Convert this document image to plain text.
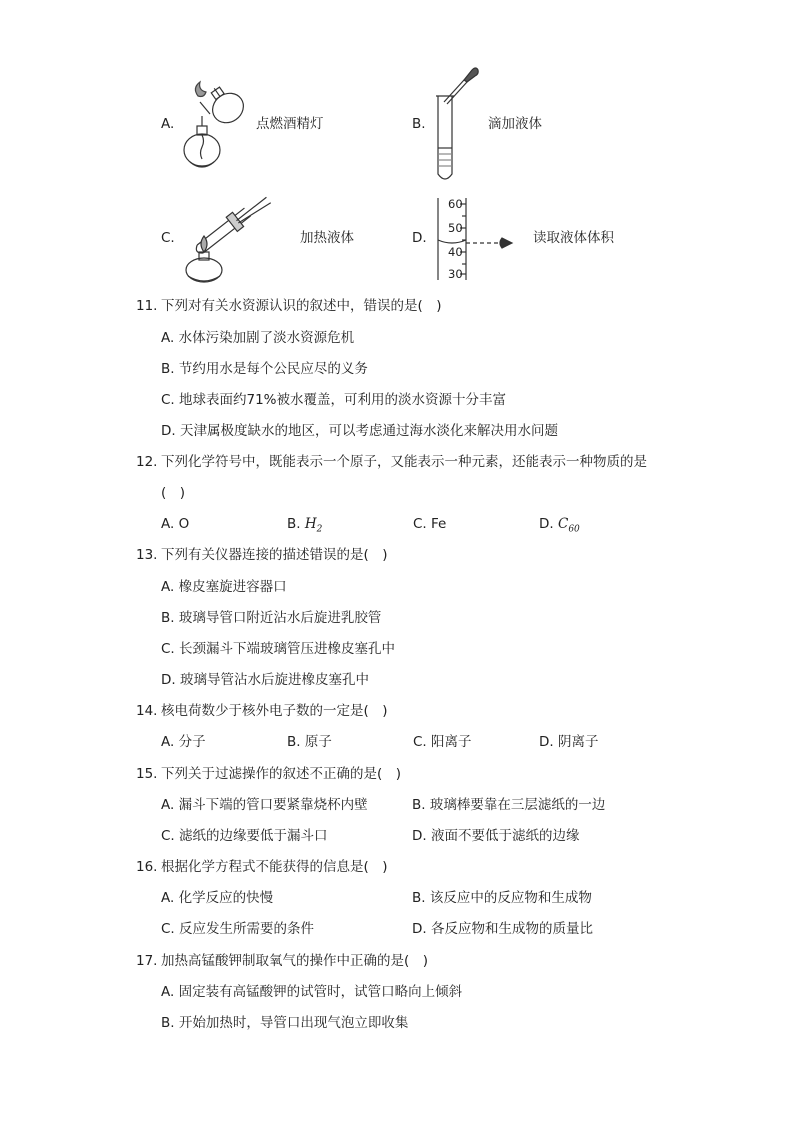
A.	点燃酒精灯	B.	滴加液体
C.	加热液体	D.
60
50
40
30
读取液体体积
11. 下列对有关水资源认识的叙述中，错误的是(　)
A. 水体污染加剧了淡水资源危机
B. 节约用水是每个公民应尽的义务
C. 地球表面约71%被水覆盖，可利用的淡水资源十分丰富
D. 天津属极度缺水的地区，可以考虑通过海水淡化来解决用水问题
12. 下列化学符号中，既能表示一个原子，又能表示一种元素，还能表示一种物质的是
(　)
A. O	B. $H_2$	C. Fe	D. $C_{60}$
13. 下列有关仪器连接的描述错误的是(　)
A. 橡皮塞旋进容器口
B. 玻璃导管口附近沾水后旋进乳胶管
C. 长颈漏斗下端玻璃管压进橡皮塞孔中
D. 玻璃导管沾水后旋进橡皮塞孔中
14. 核电荷数少于核外电子数的一定是(　)
A. 分子	B. 原子	C. 阳离子	D. 阴离子
15. 下列关于过滤操作的叙述不正确的是(　)
A. 漏斗下端的管口要紧靠烧杯内壁	B. 玻璃棒要靠在三层滤纸的一边
C. 滤纸的边缘要低于漏斗口	D. 液面不要低于滤纸的边缘
16. 根据化学方程式不能获得的信息是(　)
A. 化学反应的快慢	B. 该反应中的反应物和生成物
C. 反应发生所需要的条件	D. 各反应物和生成物的质量比
17. 加热高锰酸钾制取氧气的操作中正确的是(　)
A. 固定装有高锰酸钾的试管时，试管口略向上倾斜
B. 开始加热时，导管口出现气泡立即收集
